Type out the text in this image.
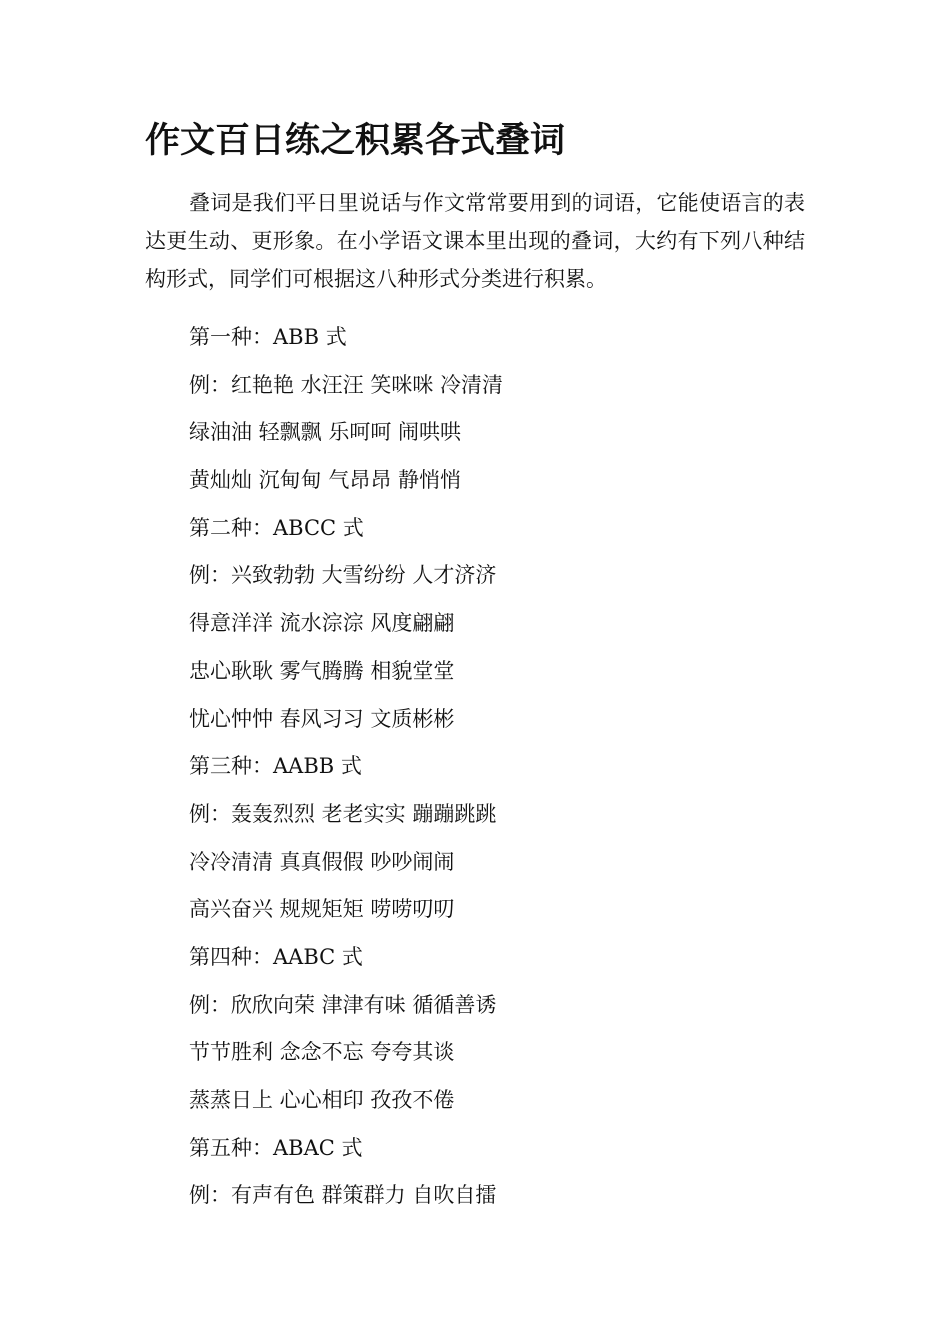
作文百日练之积累各式叠词

叠词是我们平日里说话与作文常常要用到的词语，它能使语言的表达更生动、更形象。在小学语文课本里出现的叠词，大约有下列八种结构形式，同学们可根据这八种形式分类进行积累。

第一种：ABB 式
例：红艳艳 水汪汪 笑咪咪 冷清清
绿油油 轻飘飘 乐呵呵 闹哄哄
黄灿灿 沉甸甸 气昂昂 静悄悄
第二种：ABCC 式
例：兴致勃勃 大雪纷纷 人才济济
得意洋洋 流水淙淙 风度翩翩
忠心耿耿 雾气腾腾 相貌堂堂
忧心忡忡 春风习习 文质彬彬
第三种：AABB 式
例：轰轰烈烈 老老实实 蹦蹦跳跳
冷冷清清 真真假假 吵吵闹闹
高兴奋兴 规规矩矩 唠唠叨叨
第四种：AABC 式
例：欣欣向荣 津津有味 循循善诱
节节胜利 念念不忘 夸夸其谈
蒸蒸日上 心心相印 孜孜不倦
第五种：ABAC 式
例：有声有色 群策群力 自吹自擂
